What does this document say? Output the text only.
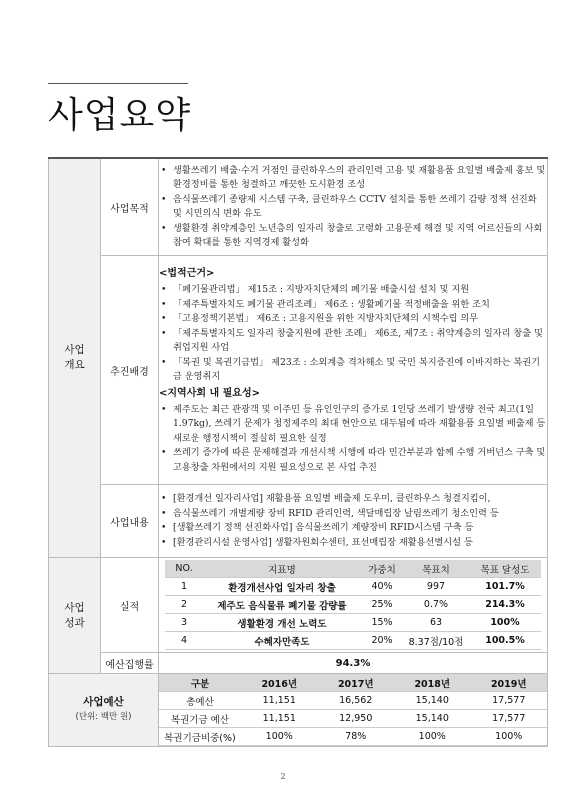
사업요약
사업
개요	사업목적	
• 생활쓰레기 배출·수거 거점인 클린하우스의 관리인력 고용 및 재활용품 요일별 배출제 홍보 및 환경정비를 통한 청결하고 깨끗한 도시환경 조성
• 음식물쓰레기 종량제 시스템 구축, 클린하우스 CCTV 설치를 통한 쓰레기 감량 정책 선진화 및 시민의식 변화 유도
• 생활환경 취약계층인 노년층의 일자리 창출로 고령화 고용문제 해결 및 지역 어르신들의 사회참여 확대를 통한 지역경제 활성화

추진배경	
<법적근거>
• 「폐기물관리법」 제15조 : 지방자치단체의 폐기물 배출시설 설치 및 지원
• 「제주특별자치도 폐기물 관리조례」 제6조 : 생활폐기물 적정배출을 위한 조치
• 「고용정책기본법」 제6조 : 고용지원을 위한 지방자치단체의 시책수립 의무
• 「제주특별자치도 일자리 창출지원에 관한 조례」 제6조, 제7조 : 취약계층의 일자리 창출 및 취업지원 사업
• 「복권 및 복권기금법」 제23조 : 소외계층 격차해소 및 국민 복지증진에 이바지하는 복권기금 운영취지
<지역사회 내 필요성>
• 제주도는 최근 관광객 및 이주민 등 유인인구의 증가로 1인당 쓰레기 발생량 전국 최고(1일 1.97kg), 쓰레기 문제가 청정제주의 최대 현안으로 대두됨에 따라 재활용품 요일별 배출제 등 새로운 행정시책이 절실히 필요한 실정
• 쓰레기 증가에 따른 문제해결과 개선시책 시행에 따라 민간부분과 함께 수행 거버넌스 구축 및 고용창출 차원에서의 지원 필요성으로 본 사업 추진

사업내용	
• [환경개선 일자리사업] 재활용품 요일별 배출제 도우미, 클린하우스 청결지킴이,
• 음식물쓰레기 개별계량 장비 RFID 관리인력, 색달매립장 날림쓰레기 청소인력 등
• [생활쓰레기 정책 선진화사업] 음식물쓰레기 계량장비 RFID시스템 구축 등
• [환경관리시설 운영사업] 생활자원회수센터, 표선매립장 재활용선별시설 등

사업
성과	실적	
NO.	지표명	가중치	목표치	목표 달성도
1	환경개선사업 일자리 창출	40%	997	101.7%
2	제주도 음식물류 폐기물 감량률	25%	0.7%	214.3%
3	생활환경 개선 노력도	15%	63	100%
4	수혜자만족도	20%	8.37점/10점	100.5%

예산집행률	94.3%

사업예산
(단위: 백만 원)

구분	2016년	2017년	2018년	2019년
총예산	11,151	16,562	15,140	17,577
복권기금 예산	11,151	12,950	15,140	17,577
복권기금비중(%)	100%	78%	100%	100%
2
